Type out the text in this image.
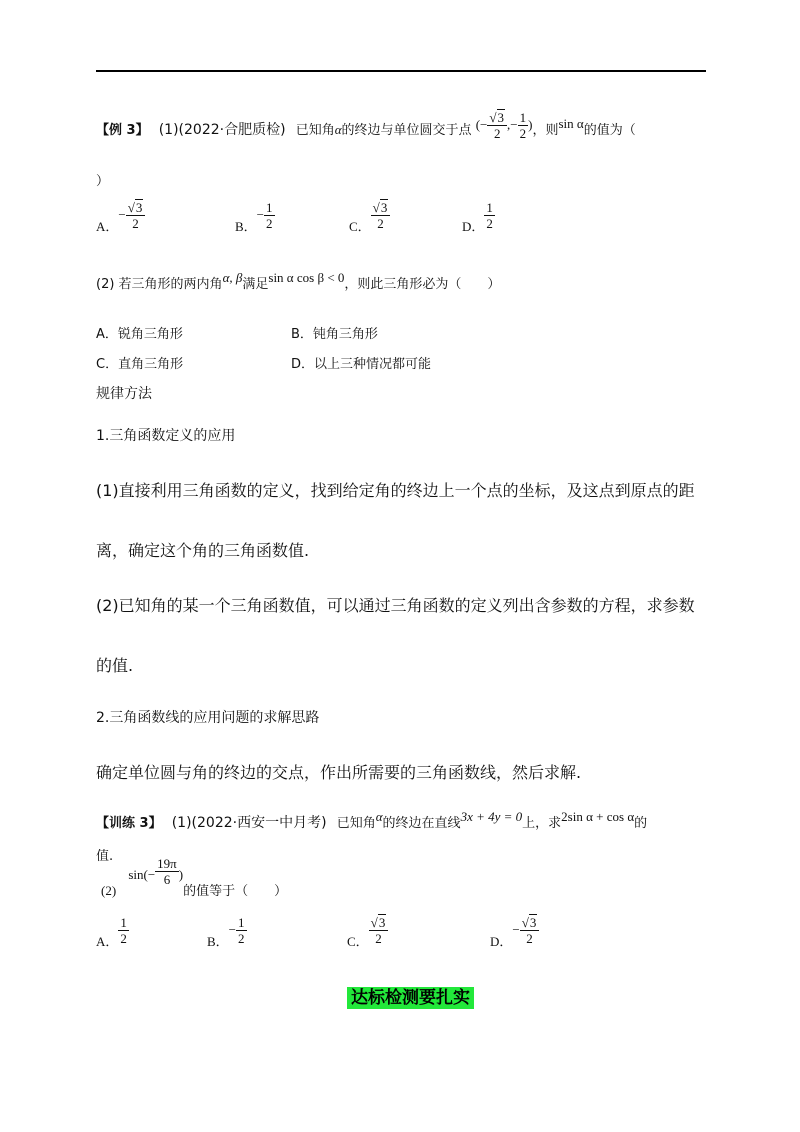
【例 3】 (1)(2022·合肥质检) 已知角α的终边与单位圆交于点 (− $\frac{√3}{2}$ ,− $\frac{1}{2}$ )，则sin α的值为（
）
A．− $\frac{√3}{2}$	B．− $\frac{1}{2}$	C． $\frac{√3}{2}$	D． $\frac{1}{2}$
(2) 若三角形的两内角α, β满足sin α cos β < 0，则此三角形必为（　　）
A．锐角三角形	B．钝角三角形
C．直角三角形	D．以上三种情况都可能
规律方法
1.三角函数定义的应用
(1)直接利用三角函数的定义，找到给定角的终边上一个点的坐标，及这点到原点的距
离，确定这个角的三角函数值.
(2)已知角的某一个三角函数值，可以通过三角函数的定义列出含参数的方程，求参数
的值.
2.三角函数线的应用问题的求解思路
确定单位圆与角的终边的交点，作出所需要的三角函数线，然后求解.
【训练 3】 (1)(2022·西安一中月考) 已知角α的终边在直线3x + 4y = 0上，求2sin α + cos α的
值.
(2) $\sin(- \frac{19\pi}{6}$ )的值等于（　　）
A． $\frac{1}{2}$	B．− $\frac{1}{2}$	C． $\frac{√3}{2}$	D．− $\frac{√3}{2}$
达标检测要扎实
